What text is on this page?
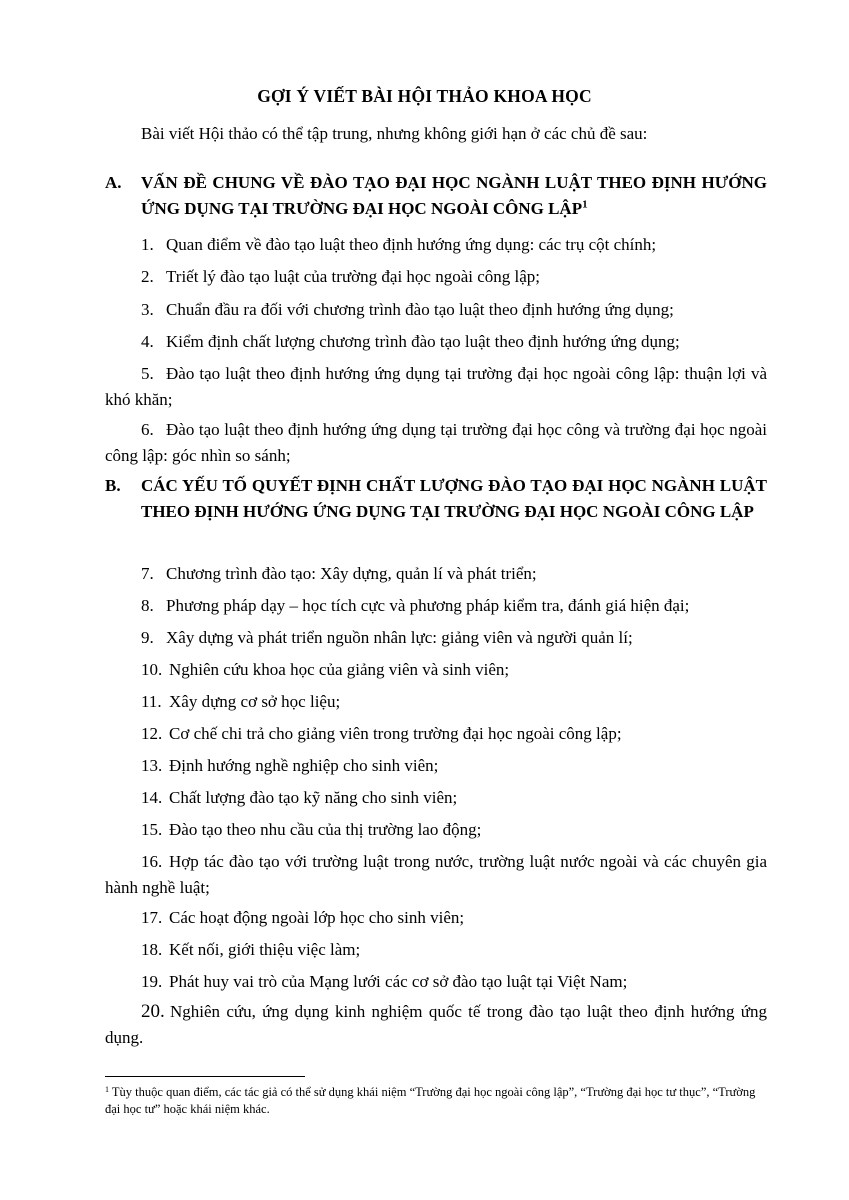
GỢI Ý VIẾT BÀI HỘI THẢO KHOA HỌC
Bài viết Hội thảo có thể tập trung, nhưng không giới hạn ở các chủ đề sau:
A. VẤN ĐỀ CHUNG VỀ ĐÀO TẠO ĐẠI HỌC NGÀNH LUẬT THEO ĐỊNH HƯỚNG ỨNG DỤNG TẠI TRƯỜNG ĐẠI HỌC NGOÀI CÔNG LẬP$^1$
1. Quan điểm về đào tạo luật theo định hướng ứng dụng: các trụ cột chính;
2. Triết lý đào tạo luật của trường đại học ngoài công lập;
3. Chuẩn đầu ra đối với chương trình đào tạo luật theo định hướng ứng dụng;
4. Kiểm định chất lượng chương trình đào tạo luật theo định hướng ứng dụng;
5. Đào tạo luật theo định hướng ứng dụng tại trường đại học ngoài công lập: thuận lợi và khó khăn;
6. Đào tạo luật theo định hướng ứng dụng tại trường đại học công và trường đại học ngoài công lập: góc nhìn so sánh;
B. CÁC YẾU TỐ QUYẾT ĐỊNH CHẤT LƯỢNG ĐÀO TẠO ĐẠI HỌC NGÀNH LUẬT THEO ĐỊNH HƯỚNG ỨNG DỤNG TẠI TRƯỜNG ĐẠI HỌC NGOÀI CÔNG LẬP
7. Chương trình đào tạo: Xây dựng, quản lí và phát triển;
8. Phương pháp dạy – học tích cực và phương pháp kiểm tra, đánh giá hiện đại;
9. Xây dựng và phát triển nguồn nhân lực: giảng viên và người quản lí;
10. Nghiên cứu khoa học của giảng viên và sinh viên;
11. Xây dựng cơ sở học liệu;
12. Cơ chế chi trả cho giảng viên trong trường đại học ngoài công lập;
13. Định hướng nghề nghiệp cho sinh viên;
14. Chất lượng đào tạo kỹ năng cho sinh viên;
15. Đào tạo theo nhu cầu của thị trường lao động;
16. Hợp tác đào tạo với trường luật trong nước, trường luật nước ngoài và các chuyên gia hành nghề luật;
17. Các hoạt động ngoài lớp học cho sinh viên;
18. Kết nối, giới thiệu việc làm;
19. Phát huy vai trò của Mạng lưới các cơ sở đào tạo luật tại Việt Nam;
20. Nghiên cứu, ứng dụng kinh nghiệm quốc tế trong đào tạo luật theo định hướng ứng dụng.
$^1$ Tùy thuộc quan điểm, các tác giả có thể sử dụng khái niệm “Trường đại học ngoài công lập”, “Trường đại học tư thục”, “Trường đại học tư” hoặc khái niệm khác.
